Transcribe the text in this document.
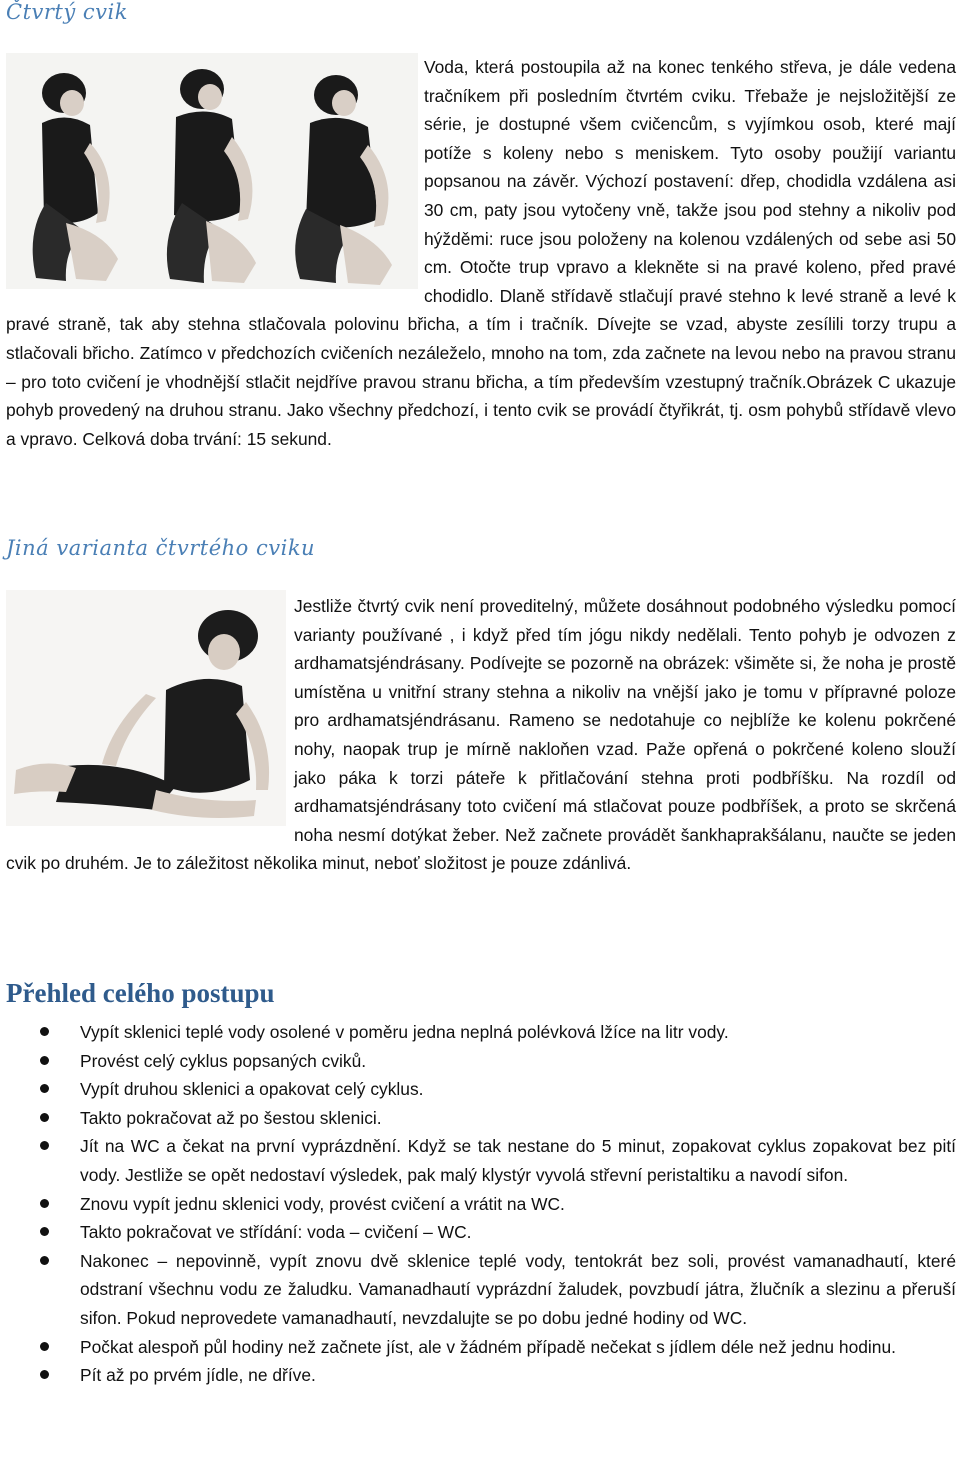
Čtvrtý cvik
Voda, která postoupila až na konec tenkého střeva, je dále vedena tračníkem při posledním čtvrtém cviku. Třebaže je nejsložitější ze série, je dostupné všem cvičencům, s vyjímkou osob, které mají potíže s koleny nebo s meniskem. Tyto osoby použijí variantu popsanou na závěr. Výchozí postavení: dřep, chodidla vzdálena asi 30 cm, paty jsou vytočeny vně, takže jsou pod stehny a nikoliv pod hýžděmi: ruce jsou položeny na kolenou vzdálených od sebe asi 50 cm. Otočte trup vpravo a klekněte si na pravé koleno, před pravé chodidlo. Dlaně střídavě stlačují pravé stehno k levé straně a levé k pravé straně, tak aby stehna stlačovala polovinu břicha, a tím i tračník. Dívejte se vzad, abyste zesílili torzy trupu a stlačovali břicho. Zatímco v předchozích cvičeních nezáleželo, mnoho na tom, zda začnete na levou nebo na pravou stranu – pro toto cvičení je vhodnější stlačit nejdříve pravou stranu břicha, a tím především vzestupný tračník.Obrázek C ukazuje pohyb provedený na druhou stranu. Jako všechny předchozí, i tento cvik se provádí čtyřikrát, tj. osm pohybů střídavě vlevo a vpravo. Celková doba trvání: 15 sekund.
Jiná varianta čtvrtého cviku
Jestliže čtvrtý cvik není proveditelný, můžete dosáhnout podobného výsledku pomocí varianty používané , i když před tím jógu nikdy nedělali. Tento pohyb je odvozen z ardhamatsjéndrásany. Podívejte se pozorně na obrázek: všiměte si, že noha je prostě umístěna u vnitřní strany stehna a nikoliv na vnější jako je tomu v přípravné poloze pro ardhamatsjéndrásanu. Rameno se nedotahuje co nejblíže ke kolenu pokrčené nohy, naopak trup je mírně nakloňen vzad. Paže opřená o pokrčené koleno slouží jako páka k torzi páteře k přitlačování stehna proti podbříšku. Na rozdíl od ardhamatsjéndrásany toto cvičení má stlačovat pouze podbříšek, a proto se skrčená noha nesmí dotýkat žeber. Než začnete provádět šankhaprakšálanu, naučte se jeden cvik po druhém. Je to záležitost několika minut, neboť složitost je pouze zdánlivá.
Přehled celého postupu
Vypít sklenici teplé vody osolené v poměru jedna neplná polévková lžíce na litr vody.
Provést celý cyklus popsaných cviků.
Vypít druhou sklenici a opakovat celý cyklus.
Takto pokračovat až po šestou sklenici.
Jít na WC a čekat na první vyprázdnění. Když se tak nestane do 5 minut, zopakovat cyklus zopakovat bez pití vody. Jestliže se opět nedostaví výsledek, pak malý klystýr vyvolá střevní peristaltiku a navodí sifon.
Znovu vypít jednu sklenici vody, provést cvičení a vrátit na WC.
Takto pokračovat ve střídání: voda – cvičení – WC.
Nakonec – nepovinně, vypít znovu dvě sklenice teplé vody, tentokrát bez soli, provést vamanadhautí, které odstraní všechnu vodu ze žaludku. Vamanadhautí vyprázdní žaludek, povzbudí játra, žlučník a slezinu a přeruší sifon. Pokud neprovedete vamanadhautí, nevzdalujte se po dobu jedné hodiny od WC.
Počkat alespoň půl hodiny než začnete jíst, ale v žádném případě nečekat s jídlem déle než jednu hodinu.
Pít až po prvém jídle, ne dříve.
